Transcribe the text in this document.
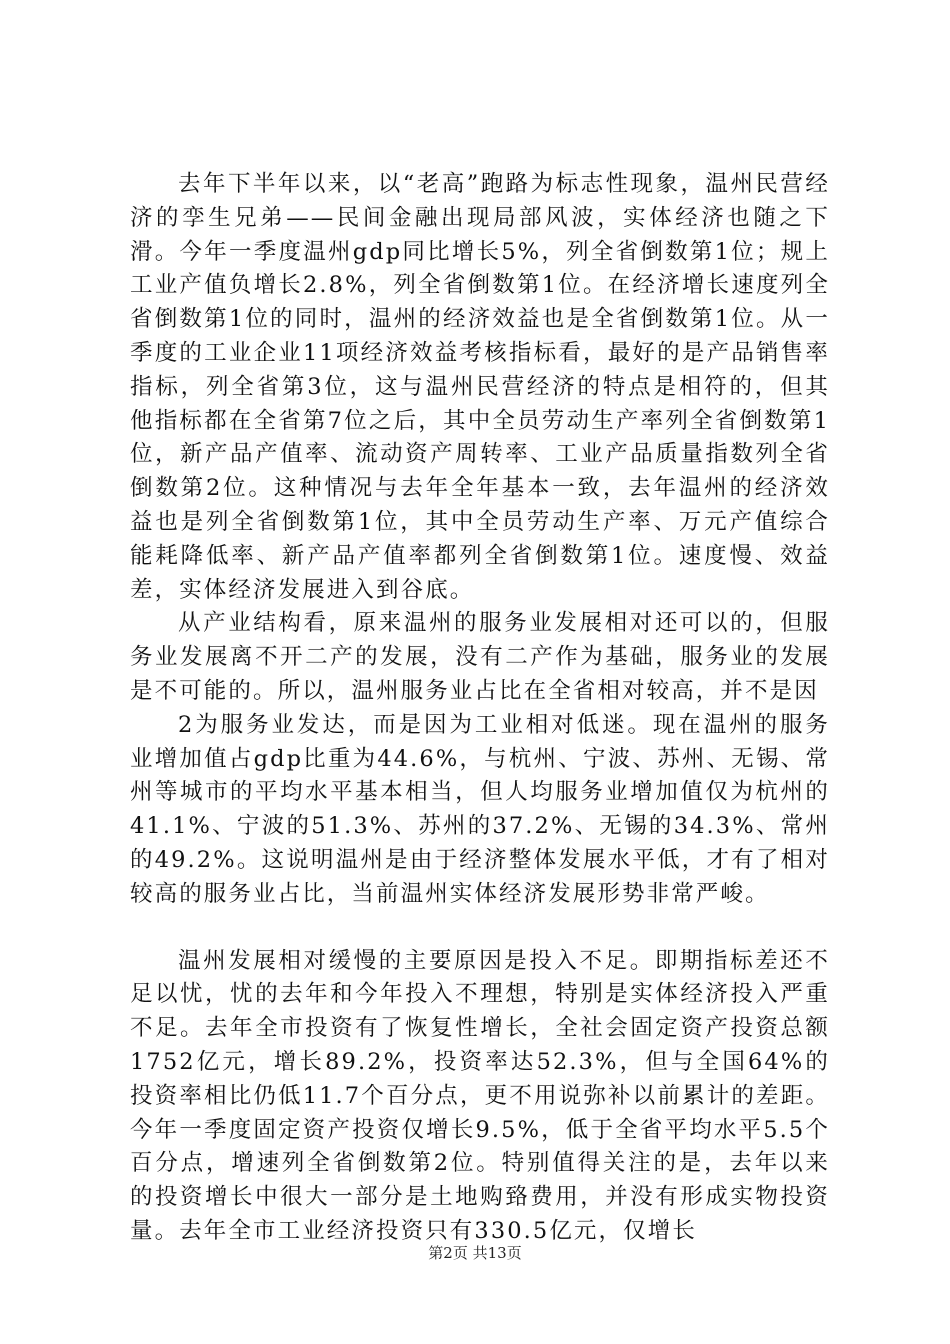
去年下半年以来，以“老高”跑路为标志性现象，温州民营经济的孪生兄弟——民间金融出现局部风波，实体经济也随之下滑。今年一季度温州gdp同比增长5%，列全省倒数第1位；规上工业产值负增长2.8%，列全省倒数第1位。在经济增长速度列全省倒数第1位的同时，温州的经济效益也是全省倒数第1位。从一季度的工业企业11项经济效益考核指标看，最好的是产品销售率指标，列全省第3位，这与温州民营经济的特点是相符的，但其他指标都在全省第7位之后，其中全员劳动生产率列全省倒数第1位，新产品产值率、流动资产周转率、工业产品质量指数列全省倒数第2位。这种情况与去年全年基本一致，去年温州的经济效益也是列全省倒数第1位，其中全员劳动生产率、万元产值综合能耗降低率、新产品产值率都列全省倒数第1位。速度慢、效益差，实体经济发展进入到谷底。

从产业结构看，原来温州的服务业发展相对还可以的，但服务业发展离不开二产的发展，没有二产作为基础，服务业的发展是不可能的。所以，温州服务业占比在全省相对较高，并不是因

2为服务业发达，而是因为工业相对低迷。现在温州的服务业增加值占gdp比重为44.6%，与杭州、宁波、苏州、无锡、常州等城市的平均水平基本相当，但人均服务业增加值仅为杭州的41.1%、宁波的51.3%、苏州的37.2%、无锡的34.3%、常州的49.2%。这说明温州是由于经济整体发展水平低，才有了相对较高的服务业占比，当前温州实体经济发展形势非常严峻。

温州发展相对缓慢的主要原因是投入不足。即期指标差还不足以忧，忧的去年和今年投入不理想，特别是实体经济投入严重不足。去年全市投资有了恢复性增长，全社会固定资产投资总额1752亿元，增长89.2%，投资率达52.3%，但与全国64%的投资率相比仍低11.7个百分点，更不用说弥补以前累计的差距。今年一季度固定资产投资仅增长9.5%，低于全省平均水平5.5个百分点，增速列全省倒数第2位。特别值得关注的是，去年以来的投资增长中很大一部分是土地购臵费用，并没有形成实物投资量。去年全市工业经济投资只有330.5亿元，仅增长

第2页 共13页
